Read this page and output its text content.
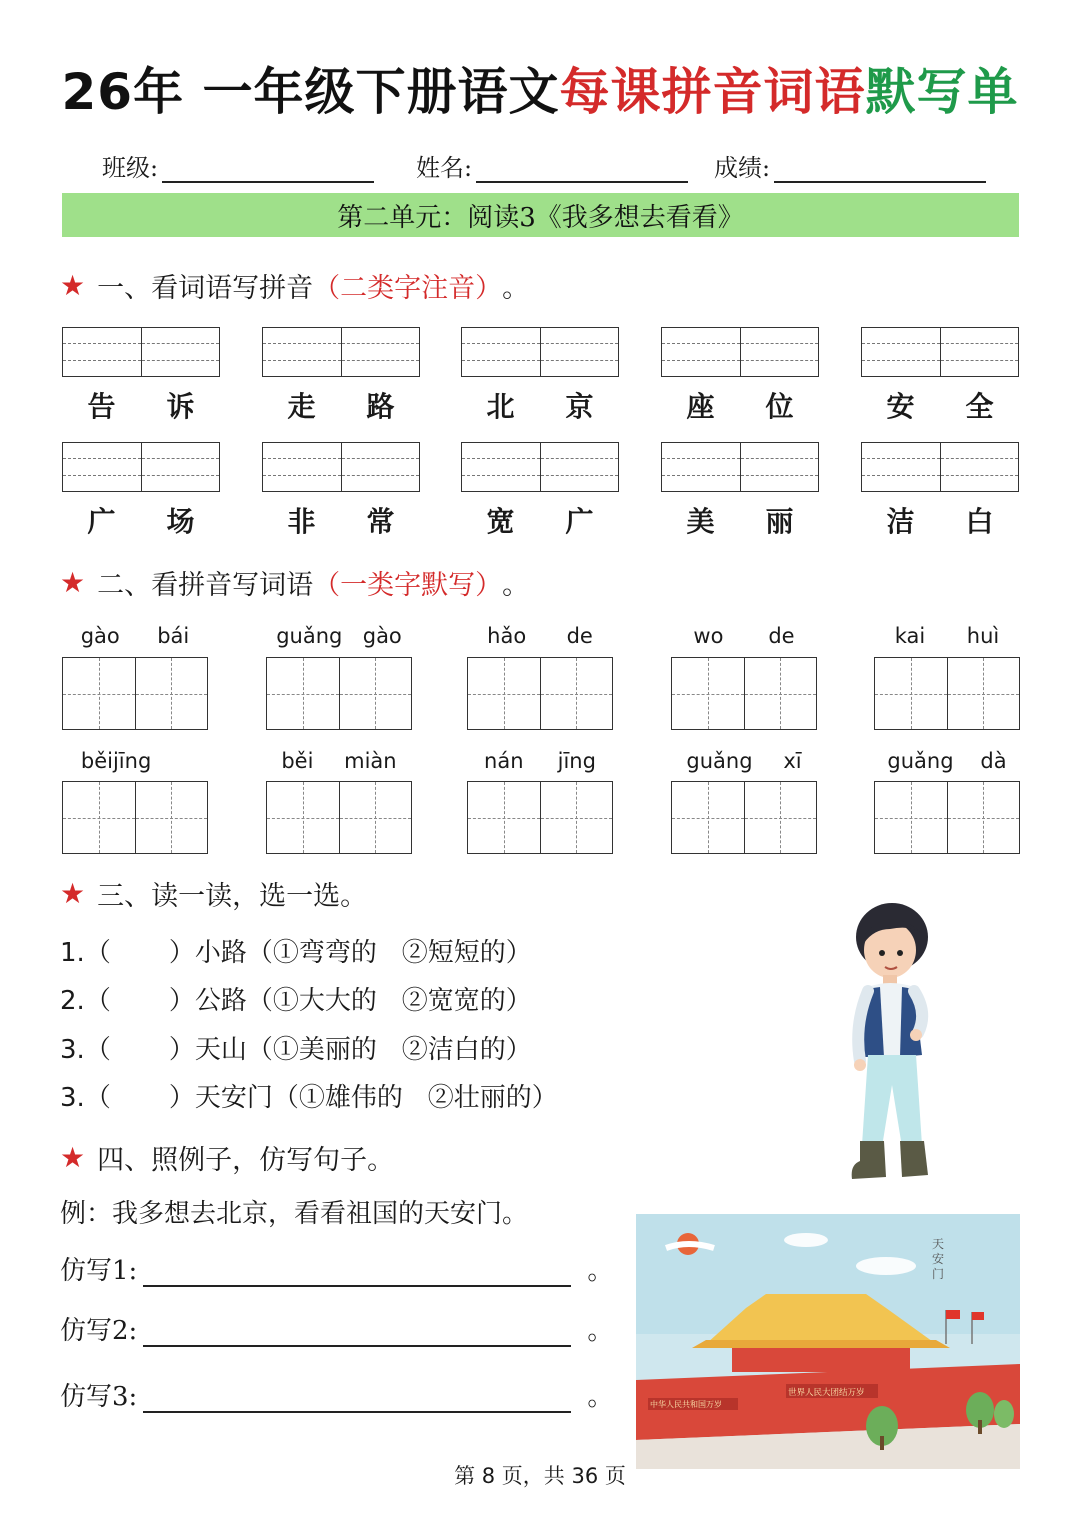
26年 一年级下册语文每课拼音词语默写单
班级:	姓名:	成绩:
第二单元：阅读3《我多想去看看》
★ 一、看词语写拼音 （二类字注音） 。
告 诉	走 路	北 京	座 位	安 全
广 场	非 常	宽 广	美 丽	洁 白
★ 二、看拼音写词语 （一类字默写） 。
gào bái	guǎng gào	hǎo de	wo de	kai huì
běijīng	běi miàn	nán jīng	guǎng xī	guǎng dà
★ 三、读一读，选一选。
1.（ ）小路（①弯弯的 ②短短的）
2.（ ）公路（①大大的 ②宽宽的）
3.（ ）天山（①美丽的 ②洁白的）
3.（ ）天安门（①雄伟的 ②壮丽的）
★ 四、照例子，仿写句子。
例：我多想去北京，看看祖国的天安门。
仿写1:	。
仿写2:	。
仿写3:	。
天安门
中华人民共和国万岁
世界人民大团结万岁
第 8 页，共 36 页
